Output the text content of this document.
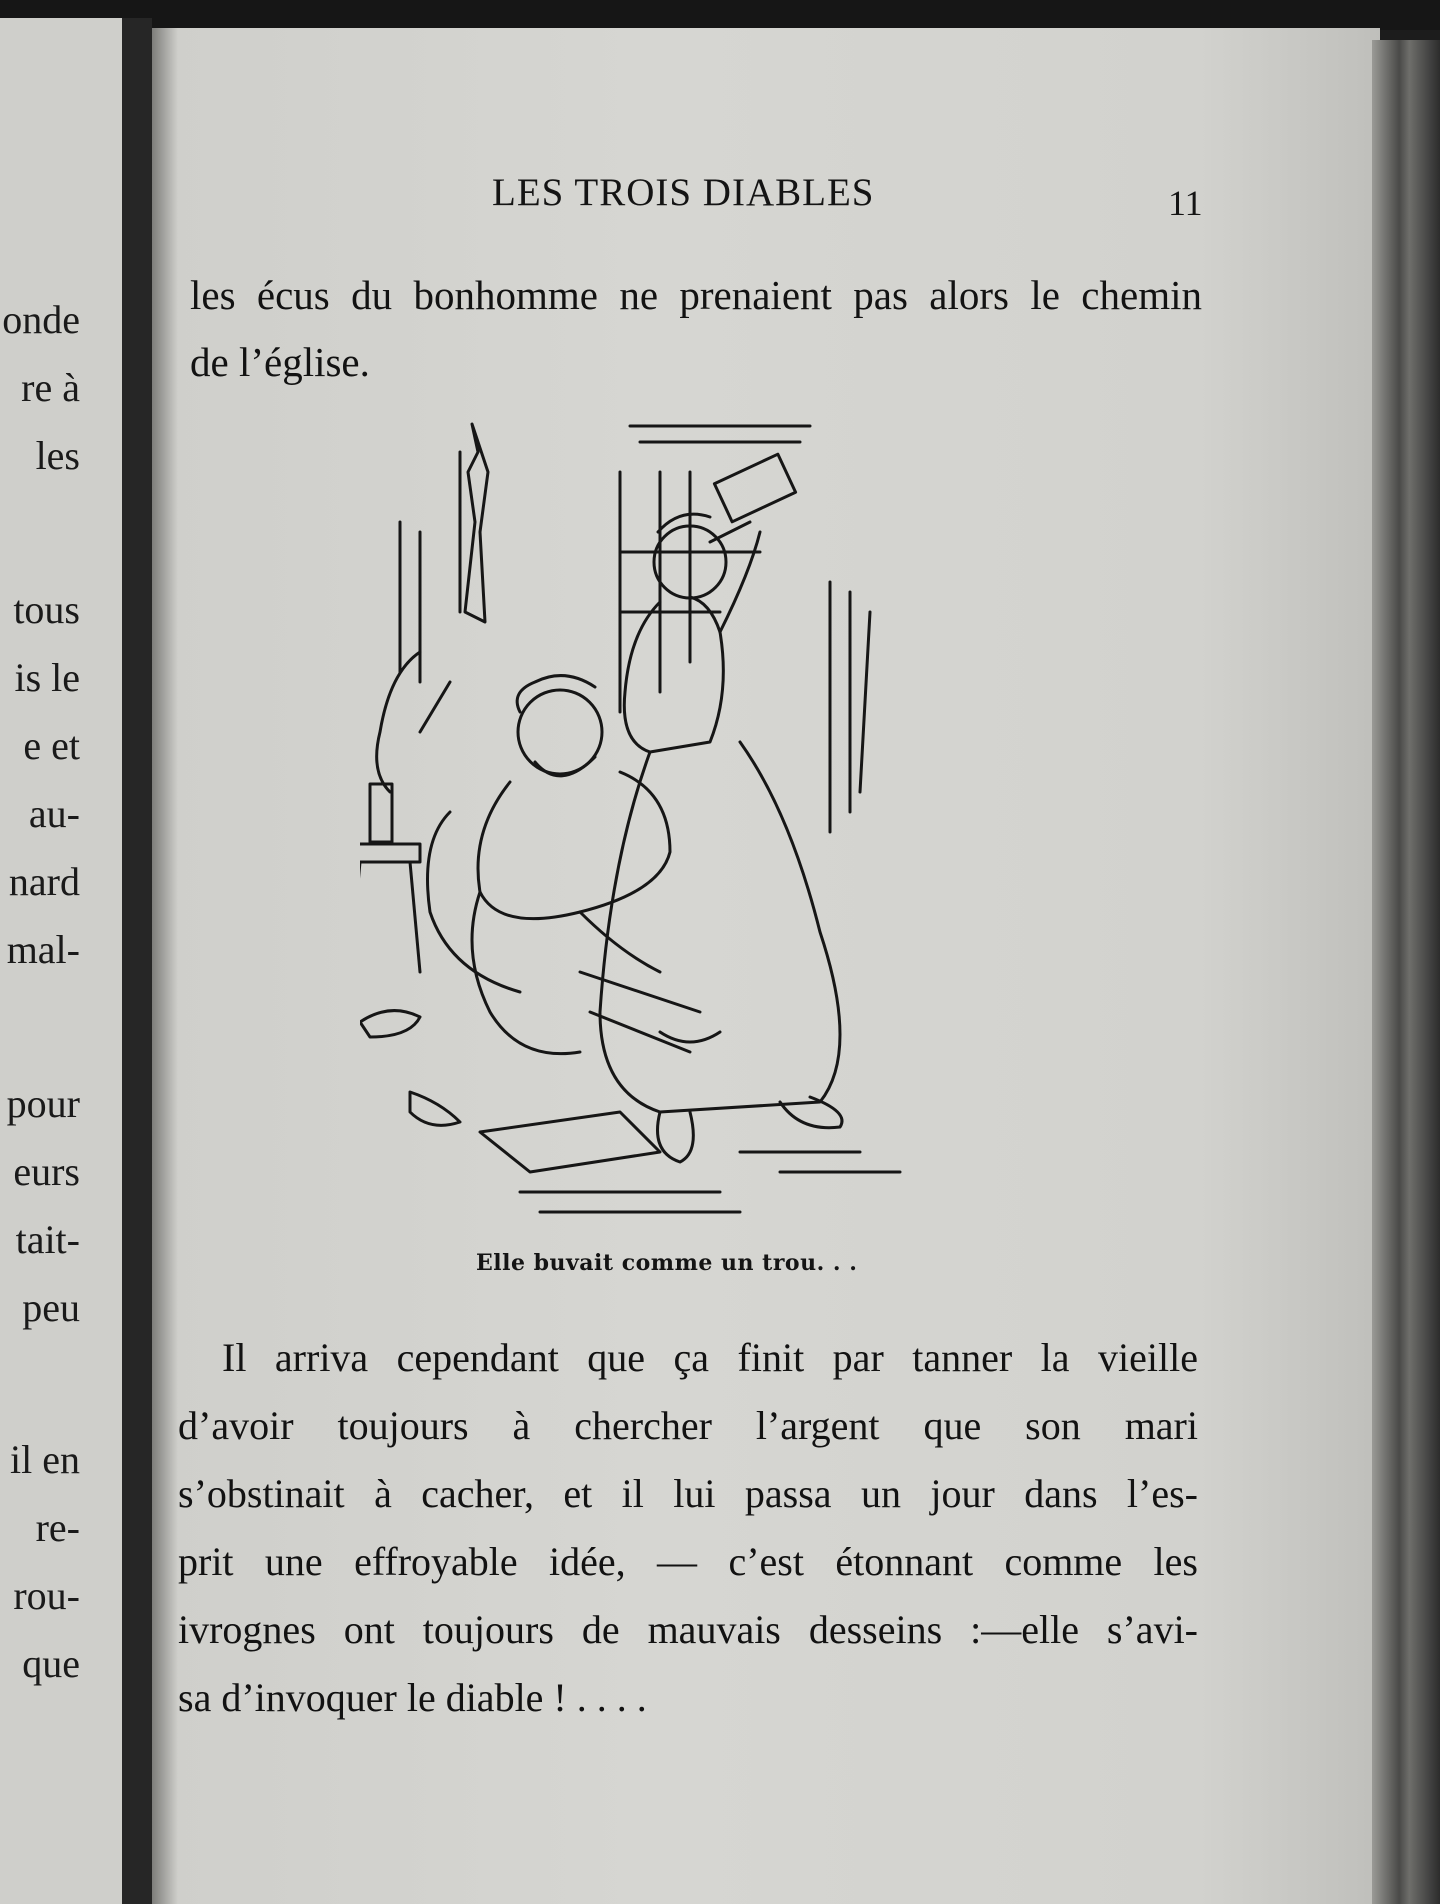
onde
re à
les
tous
is le
e et
au-
nard
mal-
pour
eurs
tait-
peu
il en
re-
rou-
que
LES TROIS DIABLES	11
les écus du bonhomme ne prenaient pas alors le chemin
de l’église.
Elle buvait comme un trou. . .
Il arriva cependant que ça finit par tanner la vieille
d’avoir toujours à chercher l’argent que son mari
s’obstinait à cacher, et il lui passa un jour dans l’es-
prit une effroyable idée, — c’est étonnant comme les
ivrognes ont toujours de mauvais desseins :—elle s’avi-
sa d’invoquer le diable ! . . . .
